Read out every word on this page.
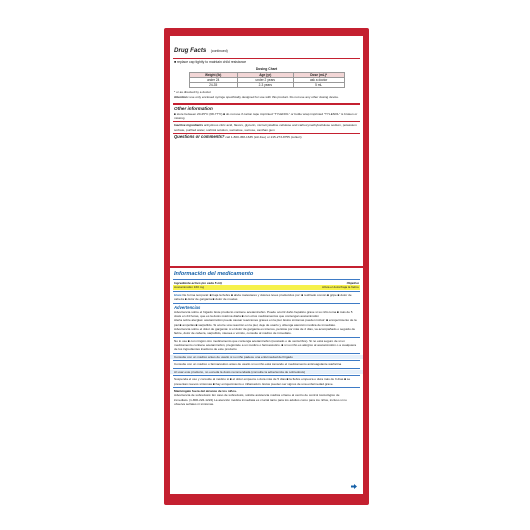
Drug Facts (continued)
■ replace cap tightly to maintain child resistance
Dosing Chart
Weight (lb)	Age (yr)	Dose (mL)*
under 24	under 2 years	ask a doctor
24-35	2-3 years	5 mL
* or as directed by a doctor
Attention: use only enclosed syringe specifically designed for use with this product. Do not use any other dosing device.
Other information
■ store between 20-25°C (68-77°F) ■ do not use if carton tape imprinted "TYLENOL" or bottle wrap imprinted "TYLENOL" is broken or missing
Inactive ingredients anhydrous citric acid, flavors, glycerin, microcrystalline cellulose and carboxymethylcellulose sodium, potassium sorbate, purified water, sorbitol solution, sucralose, sucrose, xanthan gum
Questions or comments? call 1-800-458-1635 (toll-free) or 215-273-8755 (collect)
Información del medicamento
Ingrediente activo (en cada 5 ml)	Objetivo
Acetaminofén 160 mg	Alivia el dolor/baja la fiebre
Usos De forma temporal: ■ baja la fiebre ■ alivia malestares y dolores leves producidos por: ■ resfriado común ■ gripe ■ dolor de cabeza ■ dolor de garganta ■ dolor de muelas
Advertencias
Advertencia sobre el hígado: Este producto contiene acetaminofén. Puede ocurrir daño hepático grave si su niño toma ■ más de 5 dosis en 24 horas, que es la dosis máxima diaria ■ con otros medicamentos que contengan acetaminofén
Alerta sobre alergias: acetaminofén puede causar reacciones graves en la piel. Estos síntomas pueden incluir: ■ enrojecimiento de la piel ■ ampollas ■ sarpullido. Si ocurre una reacción en la piel, deje de usarlo y obtenga atención médica de inmediato.
Advertencia sobre el dolor de garganta: si el dolor de garganta es intenso, persiste por más de 2 días, va acompañado o seguido de fiebre, dolor de cabeza, sarpullido, náusea o vómito, consulte al médico de inmediato.
No lo use ■ con ningún otro medicamento que contenga acetaminofén (recetado o de venta libre). Si no está seguro de si un medicamento contiene acetaminofén, pregúntele a un médico o farmacéutico. ■ si su niño es alérgico al acetaminofén o a cualquiera de los ingredientes inactivos de este producto
Consulte con un médico antes de usarlo si su niño padece una enfermedad del hígado
Consulte con un médico o farmacéutico antes de usarlo si su niño está tomando el medicamento anticoagulante warfarina
Al usar este producto, no exceda la dosis recomendada (consulte la advertencia de sobredosis)
Suspenda el uso y consulte al médico si ■ el dolor empeora o dura más de 5 días ■ la fiebre empeora o dura más de 3 días ■ se presentan nuevos síntomas ■ hay enrojecimiento o inflamación. Estos pueden ser signos de una enfermedad grave.
Manténgalo fuera del alcance de los niños.
Advertencia de sobredosis: En caso de sobredosis, solicite asistencia médica o llame al centro de control toxicológico de inmediato. (1-800-222-1222) La atención médica inmediata es crucial tanto para los adultos como para los niños, incluso si no observa señales ni síntomas.
